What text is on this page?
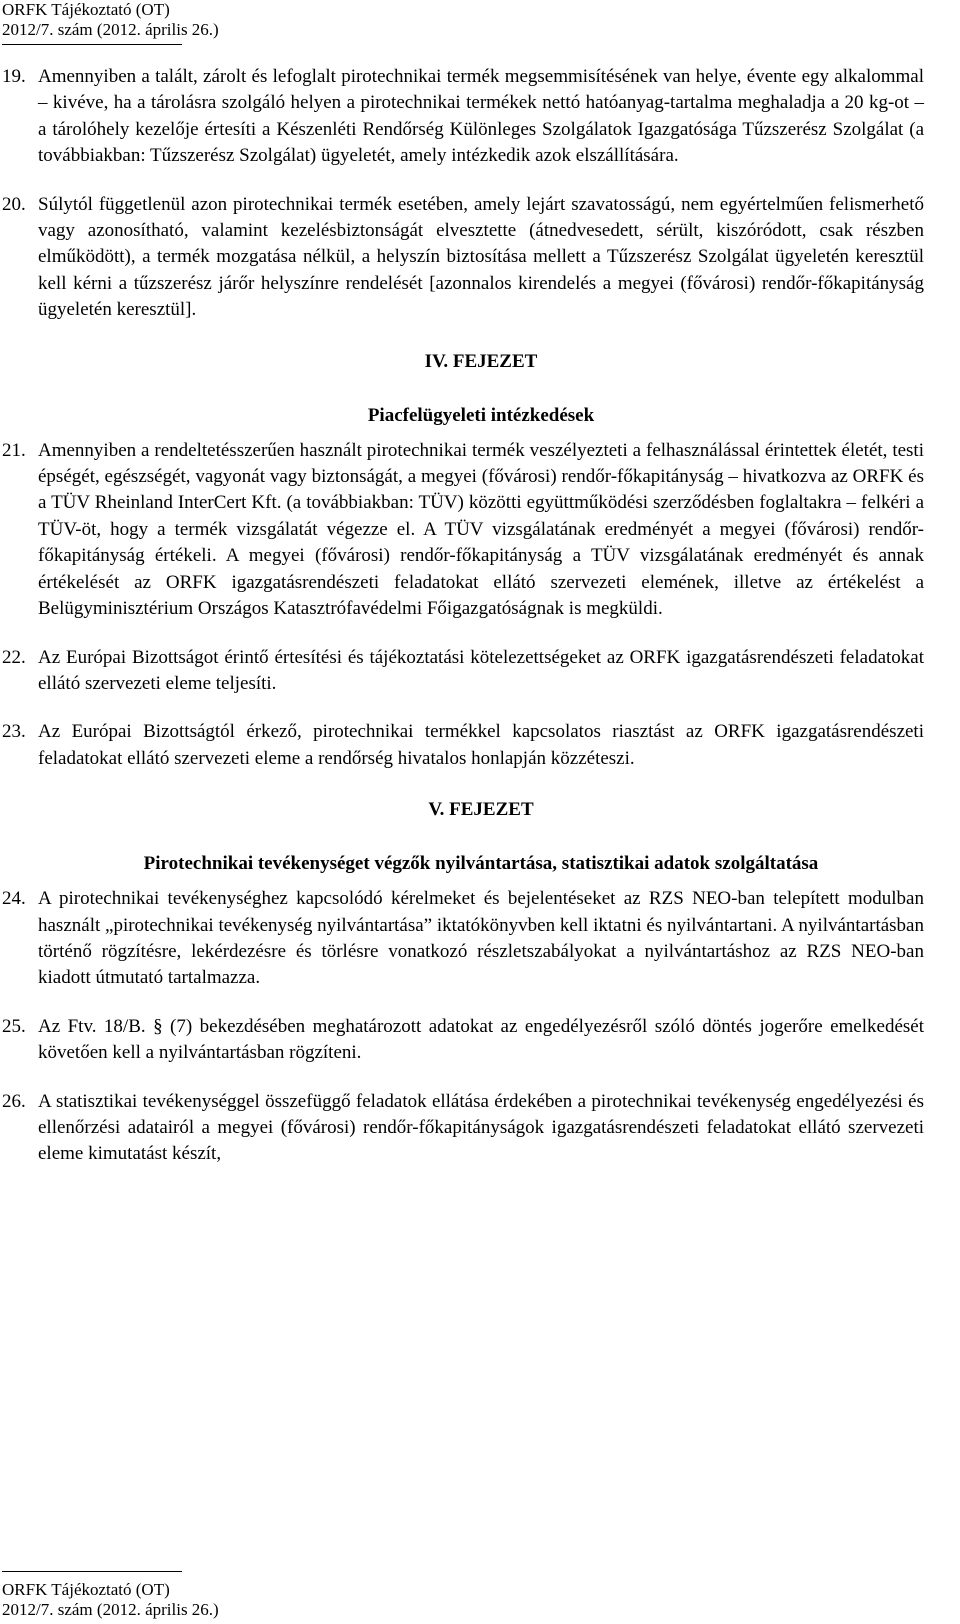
ORFK Tájékoztató (OT)
2012/7. szám (2012. április 26.)
19. Amennyiben a talált, zárolt és lefoglalt pirotechnikai termék megsemmisítésének van helye, évente egy alkalommal – kivéve, ha a tárolásra szolgáló helyen a pirotechnikai termékek nettó hatóanyag-tartalma meghaladja a 20 kg-ot – a tárolóhely kezelője értesíti a Készenléti Rendőrség Különleges Szolgálatok Igazgatósága Tűzszerész Szolgálat (a továbbiakban: Tűzszerész Szolgálat) ügyeletét, amely intézkedik azok elszállítására.
20. Súlytól függetlenül azon pirotechnikai termék esetében, amely lejárt szavatosságú, nem egyértelműen felismerhető vagy azonosítható, valamint kezelésbiztonságát elvesztette (átnedvesedett, sérült, kiszóródott, csak részben elműködött), a termék mozgatása nélkül, a helyszín biztosítása mellett a Tűzszerész Szolgálat ügyeletén keresztül kell kérni a tűzszerész járőr helyszínre rendelését [azonnalos kirendelés a megyei (fővárosi) rendőr-főkapitányság ügyeletén keresztül].
IV. FEJEZET
Piacfelügyeleti intézkedések
21. Amennyiben a rendeltetésszerűen használt pirotechnikai termék veszélyezteti a felhasználással érintettek életét, testi épségét, egészségét, vagyonát vagy biztonságát, a megyei (fővárosi) rendőr-főkapitányság – hivatkozva az ORFK és a TÜV Rheinland InterCert Kft. (a továbbiakban: TÜV) közötti együttműködési szerződésben foglaltakra – felkéri a TÜV-öt, hogy a termék vizsgálatát végezze el. A TÜV vizsgálatának eredményét a megyei (fővárosi) rendőr-főkapitányság értékeli. A megyei (fővárosi) rendőr-főkapitányság a TÜV vizsgálatának eredményét és annak értékelését az ORFK igazgatásrendészeti feladatokat ellátó szervezeti elemének, illetve az értékelést a Belügyminisztérium Országos Katasztrófavédelmi Főigazgatóságnak is megküldi.
22. Az Európai Bizottságot érintő értesítési és tájékoztatási kötelezettségeket az ORFK igazgatásrendészeti feladatokat ellátó szervezeti eleme teljesíti.
23. Az Európai Bizottságtól érkező, pirotechnikai termékkel kapcsolatos riasztást az ORFK igazgatásrendészeti feladatokat ellátó szervezeti eleme a rendőrség hivatalos honlapján közzéteszi.
V. FEJEZET
Pirotechnikai tevékenységet végzők nyilvántartása, statisztikai adatok szolgáltatása
24. A pirotechnikai tevékenységhez kapcsolódó kérelmeket és bejelentéseket az RZS NEO-ban telepített modulban használt „pirotechnikai tevékenység nyilvántartása” iktatókönyvben kell iktatni és nyilvántartani. A nyilvántartásban történő rögzítésre, lekérdezésre és törlésre vonatkozó részletszabályokat a nyilvántartáshoz az RZS NEO-ban kiadott útmutató tartalmazza.
25. Az Ftv. 18/B. § (7) bekezdésében meghatározott adatokat az engedélyezésről szóló döntés jogerőre emelkedését követően kell a nyilvántartásban rögzíteni.
26. A statisztikai tevékenységgel összefüggő feladatok ellátása érdekében a pirotechnikai tevékenység engedélyezési és ellenőrzési adatairól a megyei (fővárosi) rendőr-főkapitányságok igazgatásrendészeti feladatokat ellátó szervezeti eleme kimutatást készít,
ORFK Tájékoztató (OT)
2012/7. szám (2012. április 26.)
